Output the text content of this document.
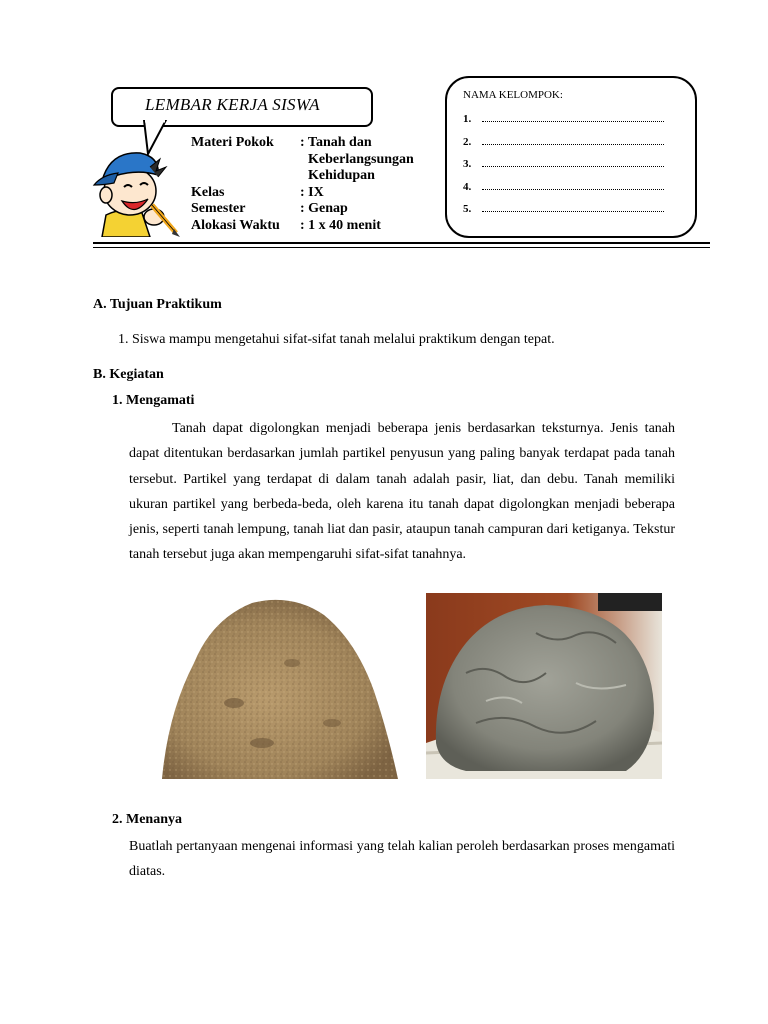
LEMBAR KERJA SISWA
Materi Pokok	: Tanah dan
Keberlangsungan
Kehidupan
Kelas	: IX
Semester	: Genap
Alokasi Waktu	: 1 x 40 menit
NAMA KELOMPOK:
1.
2.
3.
4.
5.
A. Tujuan Praktikum
1. Siswa mampu mengetahui sifat-sifat tanah melalui praktikum dengan tepat.
B. Kegiatan
1. Mengamati
Tanah dapat digolongkan menjadi beberapa jenis berdasarkan teksturnya. Jenis tanah dapat ditentukan berdasarkan jumlah partikel penyusun yang paling banyak terdapat pada tanah tersebut. Partikel yang terdapat di dalam tanah adalah pasir, liat, dan debu. Tanah memiliki ukuran partikel yang berbeda-beda, oleh karena itu tanah dapat digolongkan menjadi beberapa jenis, seperti tanah lempung, tanah liat dan pasir, ataupun tanah campuran dari ketiganya. Tekstur tanah tersebut juga akan mempengaruhi sifat-sifat tanahnya.
2. Menanya
Buatlah pertanyaan mengenai informasi yang telah kalian peroleh berdasarkan proses mengamati diatas.
